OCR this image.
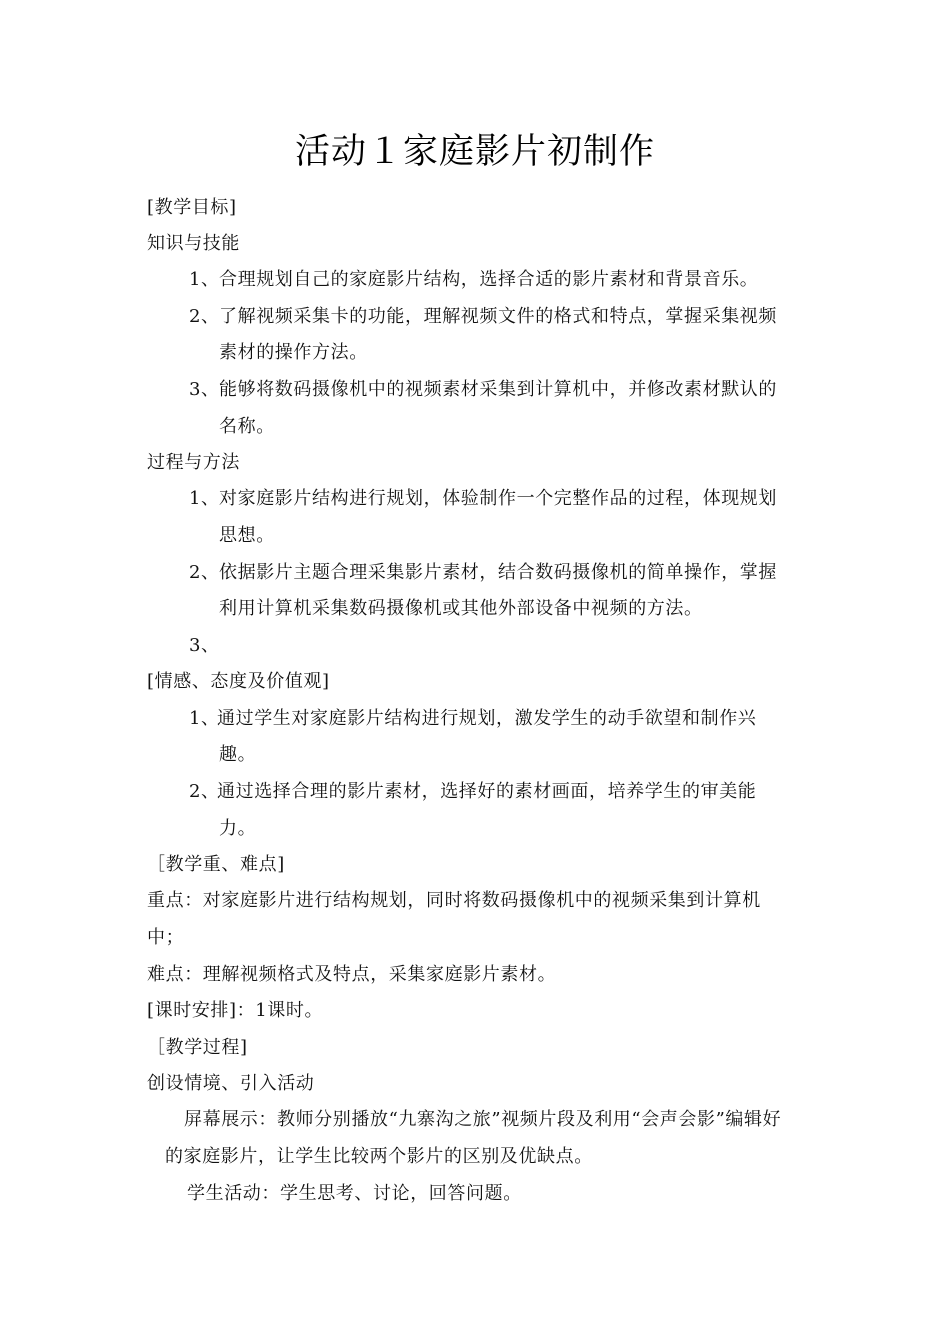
活动１家庭影片初制作
[教学目标]
知识与技能
1、 合理规划自己的家庭影片结构，选择合适的影片素材和背景音乐。
2、 了解视频采集卡的功能，理解视频文件的格式和特点，掌握采集视频
素材的操作方法。
3、 能够将数码摄像机中的视频素材采集到计算机中，并修改素材默认的
名称。
过程与方法
1、 对家庭影片结构进行规划，体验制作一个完整作品的过程，体现规划
思想。
2、 依据影片主题合理采集影片素材，结合数码摄像机的简单操作，掌握
利用计算机采集数码摄像机或其他外部设备中视频的方法。
3、
[情感、态度及价值观]
1、
通过学生对家庭影片结构进行规划，激发学生的动手欲望和制作兴
趣。
2、
通过选择合理的影片素材，选择好的素材画面，培养学生的审美能
力。
［教学重、难点]
重点：对家庭影片进行结构规划，同时将数码摄像机中的视频采集到计算机
中；
难点：理解视频格式及特点，采集家庭影片素材。
[课时安排]：1课时。
［教学过程]
创设情境、引入活动
屏幕展示：教师分别播放“九寨沟之旅”视频片段及利用“会声会影”编辑好
的家庭影片，让学生比较两个影片的区别及优缺点。
学生活动：学生思考、讨论，回答问题。
